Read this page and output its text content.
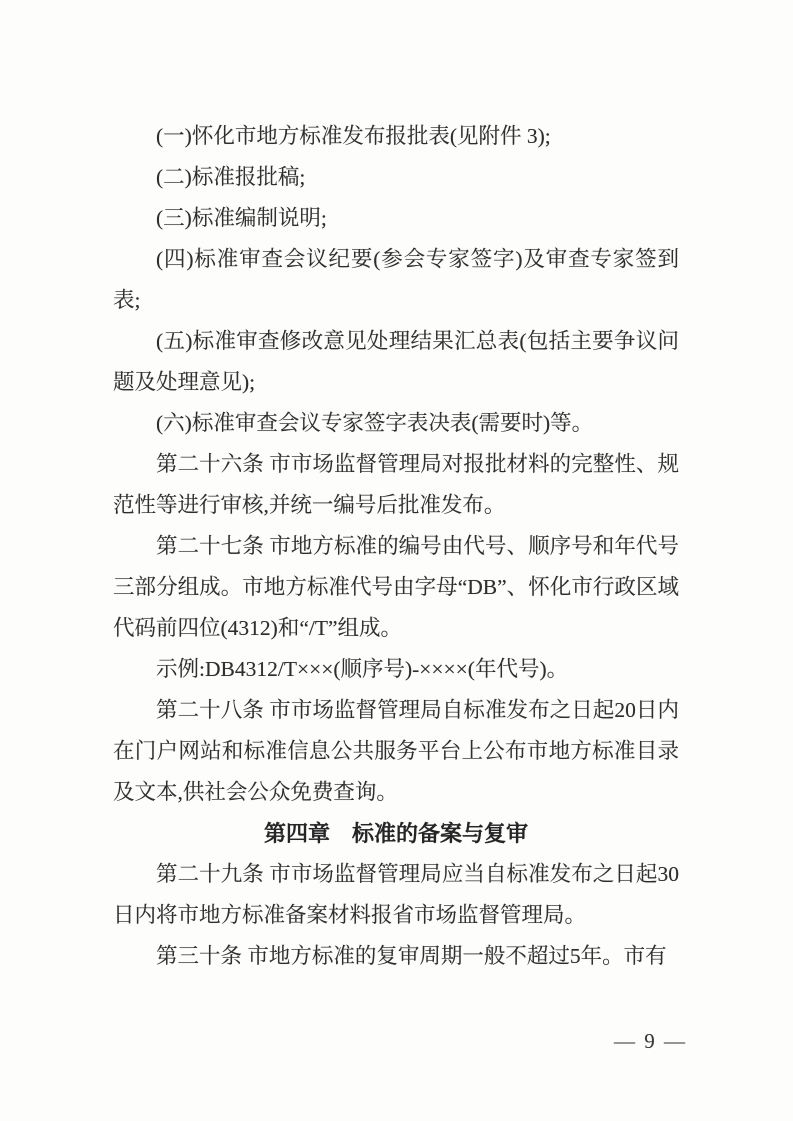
(一)怀化市地方标准发布报批表(见附件 3);

(二)标准报批稿;

(三)标准编制说明;

(四)标准审查会议纪要(参会专家签字)及审查专家签到表;

(五)标准审查修改意见处理结果汇总表(包括主要争议问题及处理意见);

(六)标准审查会议专家签字表决表(需要时)等。

第二十六条 市市场监督管理局对报批材料的完整性、规范性等进行审核,并统一编号后批准发布。

第二十七条 市地方标准的编号由代号、顺序号和年代号三部分组成。市地方标准代号由字母“DB”、怀化市行政区域代码前四位(4312)和“/T”组成。

示例:DB4312/T×××(顺序号)-××××(年代号)。

第二十八条 市市场监督管理局自标准发布之日起20日内在门户网站和标准信息公共服务平台上公布市地方标准目录及文本,供社会公众免费查询。

第四章　标准的备案与复审

第二十九条 市市场监督管理局应当自标准发布之日起30日内将市地方标准备案材料报省市场监督管理局。

第三十条 市地方标准的复审周期一般不超过5年。市有

— 9 —
